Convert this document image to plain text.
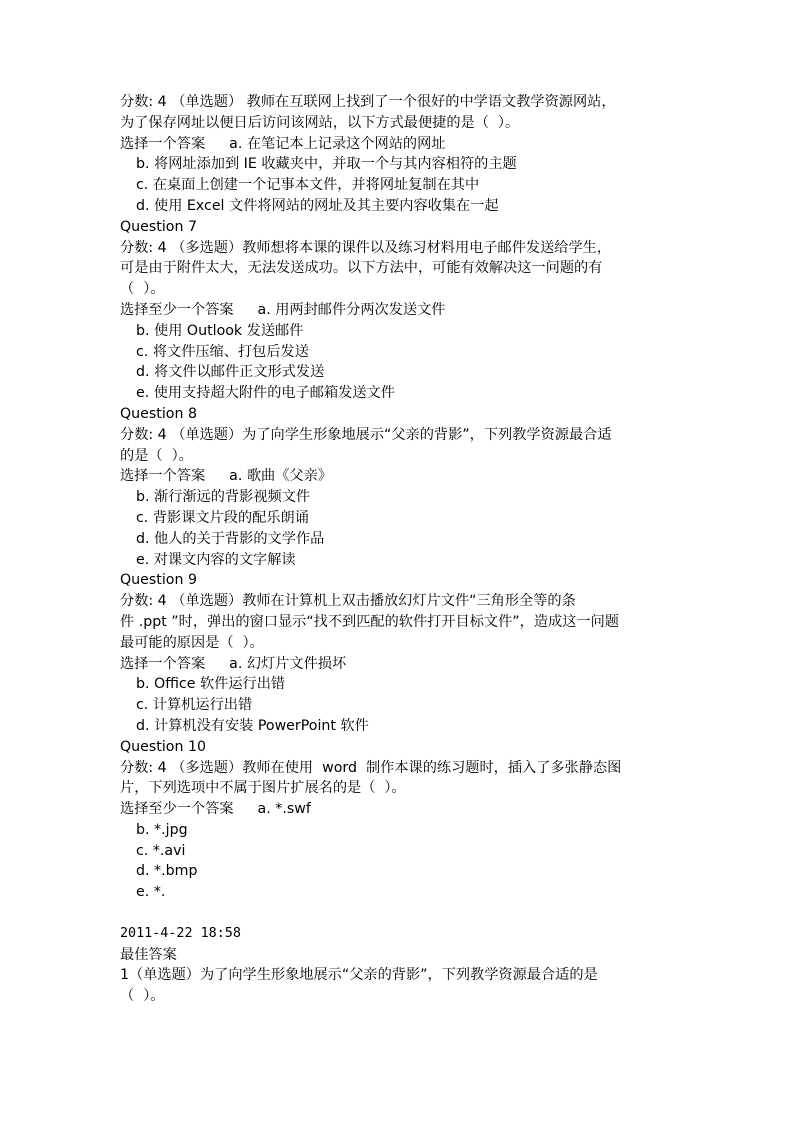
分数: 4 （单选题） 教师在互联网上找到了一个很好的中学语文教学资源网站，
为了保存网址以便日后访问该网站，以下方式最便捷的是（  ）。
选择一个答案 a. 在笔记本上记录这个网站的网址
b. 将网址添加到 IE 收藏夹中，并取一个与其内容相符的主题
c. 在桌面上创建一个记事本文件，并将网址复制在其中
d. 使用 Excel 文件将网站的网址及其主要内容收集在一起
Question 7
分数: 4 （多选题）教师想将本课的课件以及练习材料用电子邮件发送给学生，
可是由于附件太大，无法发送成功。以下方法中，可能有效解决这一问题的有
（  ）。
选择至少一个答案 a. 用两封邮件分两次发送文件
b. 使用 Outlook 发送邮件
c. 将文件压缩、打包后发送
d. 将文件以邮件正文形式发送
e. 使用支持超大附件的电子邮箱发送文件
Question 8
分数: 4 （单选题）为了向学生形象地展示“父亲的背影”，下列教学资源最合适
的是（  ）。
选择一个答案 a. 歌曲《父亲》
b. 渐行渐远的背影视频文件
c. 背影课文片段的配乐朗诵
d. 他人的关于背影的文学作品
e. 对课文内容的文字解读
Question 9
分数: 4 （单选题）教师在计算机上双击播放幻灯片文件“三角形全等的条
件 .ppt ”时，弹出的窗口显示“找不到匹配的软件打开目标文件”，造成这一问题
最可能的原因是（  ）。
选择一个答案 a. 幻灯片文件损坏
b. Office 软件运行出错
c. 计算机运行出错
d. 计算机没有安装 PowerPoint 软件
Question 10
分数: 4 （多选题）教师在使用  word  制作本课的练习题时，插入了多张静态图
片，下列选项中不属于图片扩展名的是（  ）。
选择至少一个答案 a. *.swf
b. *.jpg
c. *.avi
d. *.bmp
e. *.
2011-4-22 18:58
最佳答案
1（单选题）为了向学生形象地展示“父亲的背影”，下列教学资源最合适的是
（  ）。
